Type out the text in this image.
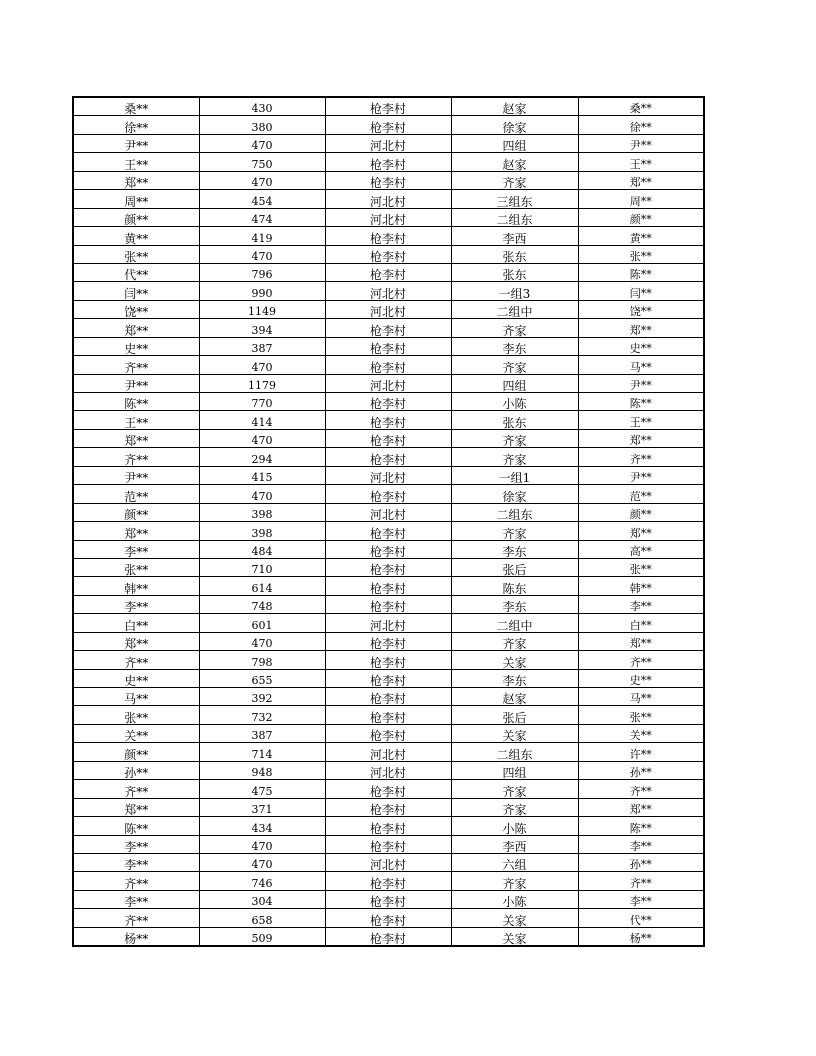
桑**	430	枪李村	赵家	桑**
徐**	380	枪李村	徐家	徐**
尹**	470	河北村	四组	尹**
王**	750	枪李村	赵家	王**
郑**	470	枪李村	齐家	郑**
周**	454	河北村	三组东	周**
颜**	474	河北村	二组东	颜**
黄**	419	枪李村	李西	黄**
张**	470	枪李村	张东	张**
代**	796	枪李村	张东	陈**
闫**	990	河北村	一组3	闫**
饶**	1149	河北村	二组中	饶**
郑**	394	枪李村	齐家	郑**
史**	387	枪李村	李东	史**
齐**	470	枪李村	齐家	马**
尹**	1179	河北村	四组	尹**
陈**	770	枪李村	小陈	陈**
王**	414	枪李村	张东	王**
郑**	470	枪李村	齐家	郑**
齐**	294	枪李村	齐家	齐**
尹**	415	河北村	一组1	尹**
范**	470	枪李村	徐家	范**
颜**	398	河北村	二组东	颜**
郑**	398	枪李村	齐家	郑**
李**	484	枪李村	李东	高**
张**	710	枪李村	张后	张**
韩**	614	枪李村	陈东	韩**
李**	748	枪李村	李东	李**
白**	601	河北村	二组中	白**
郑**	470	枪李村	齐家	郑**
齐**	798	枪李村	关家	齐**
史**	655	枪李村	李东	史**
马**	392	枪李村	赵家	马**
张**	732	枪李村	张后	张**
关**	387	枪李村	关家	关**
颜**	714	河北村	二组东	许**
孙**	948	河北村	四组	孙**
齐**	475	枪李村	齐家	齐**
郑**	371	枪李村	齐家	郑**
陈**	434	枪李村	小陈	陈**
李**	470	枪李村	李西	李**
李**	470	河北村	六组	孙**
齐**	746	枪李村	齐家	齐**
李**	304	枪李村	小陈	李**
齐**	658	枪李村	关家	代**
杨**	509	枪李村	关家	杨**
